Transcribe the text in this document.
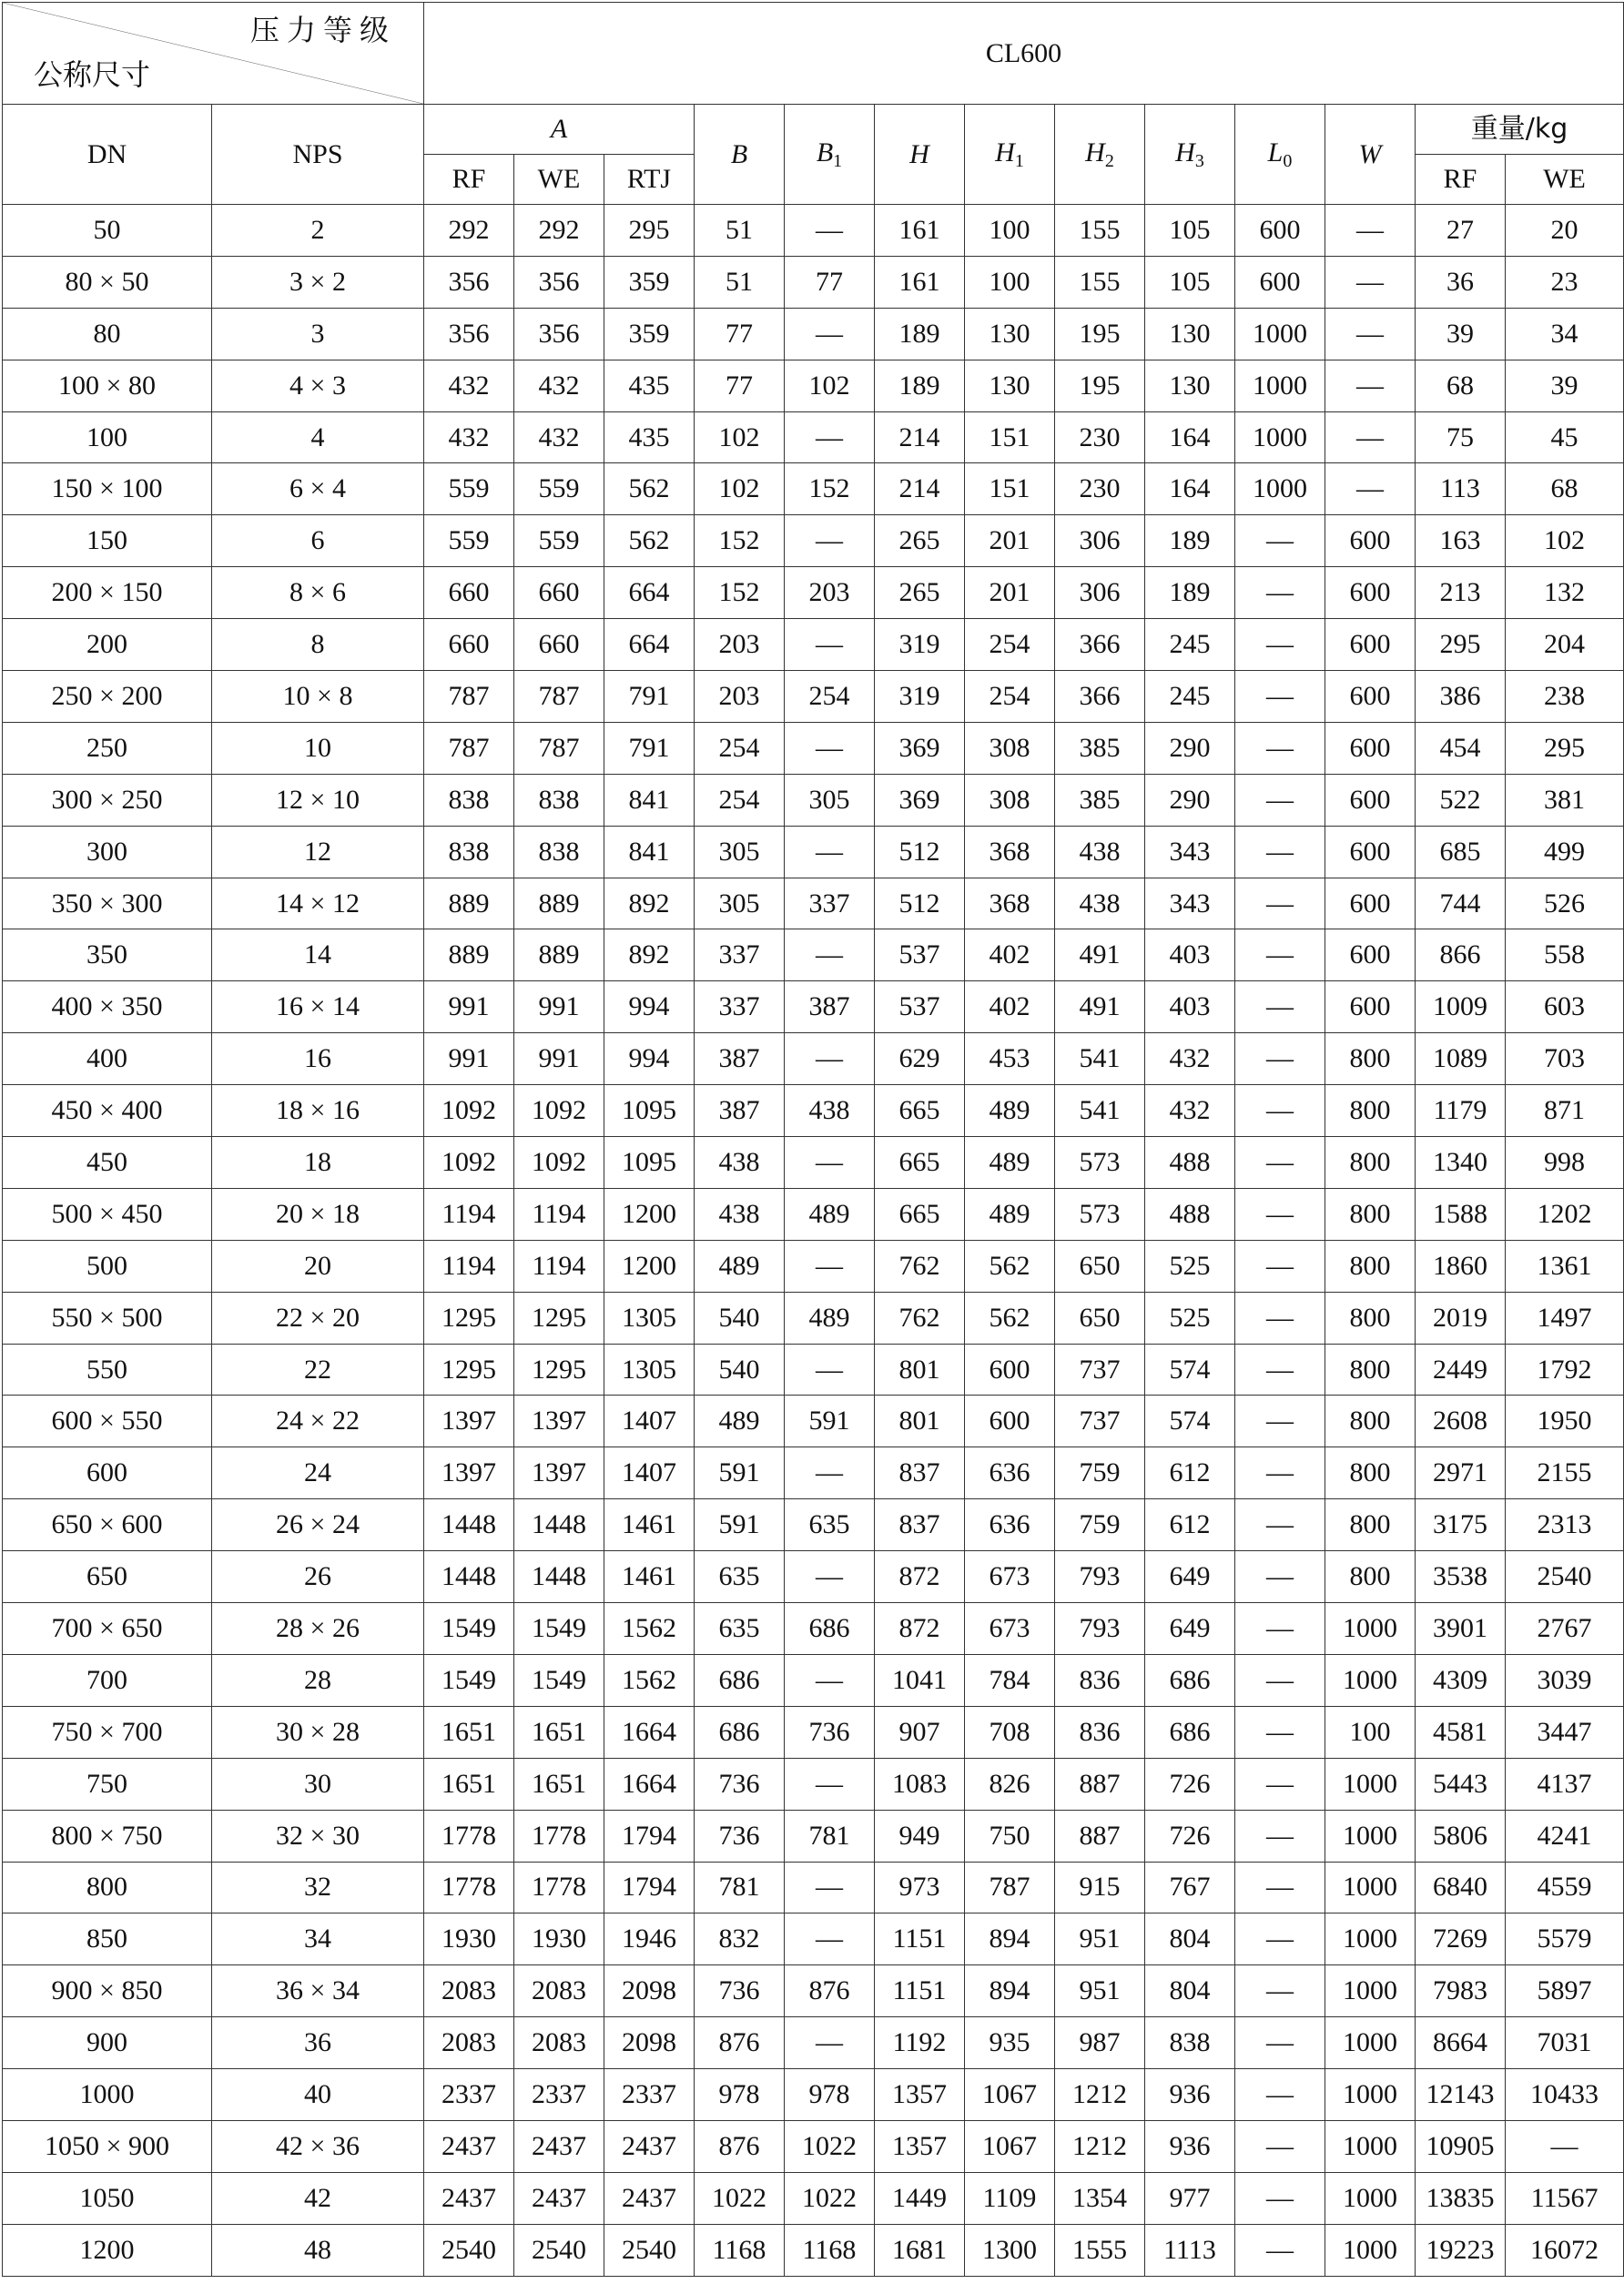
压力等级
公称尺寸		CL600												
DN	NPS	A			B	$B_1$	H	$H_1$	$H_2$	$H_3$	$L_0$	W	重量/kg	
		RF	WE	RTJ									RF	WE
50	2	292	292	295	51	—	161	100	155	105	600	—	27	20
80 × 50	3 × 2	356	356	359	51	77	161	100	155	105	600	—	36	23
80	3	356	356	359	77	—	189	130	195	130	1000	—	39	34
100 × 80	4 × 3	432	432	435	77	102	189	130	195	130	1000	—	68	39
100	4	432	432	435	102	—	214	151	230	164	1000	—	75	45
150 × 100	6 × 4	559	559	562	102	152	214	151	230	164	1000	—	113	68
150	6	559	559	562	152	—	265	201	306	189	—	600	163	102
200 × 150	8 × 6	660	660	664	152	203	265	201	306	189	—	600	213	132
200	8	660	660	664	203	—	319	254	366	245	—	600	295	204
250 × 200	10 × 8	787	787	791	203	254	319	254	366	245	—	600	386	238
250	10	787	787	791	254	—	369	308	385	290	—	600	454	295
300 × 250	12 × 10	838	838	841	254	305	369	308	385	290	—	600	522	381
300	12	838	838	841	305	—	512	368	438	343	—	600	685	499
350 × 300	14 × 12	889	889	892	305	337	512	368	438	343	—	600	744	526
350	14	889	889	892	337	—	537	402	491	403	—	600	866	558
400 × 350	16 × 14	991	991	994	337	387	537	402	491	403	—	600	1009	603
400	16	991	991	994	387	—	629	453	541	432	—	800	1089	703
450 × 400	18 × 16	1092	1092	1095	387	438	665	489	541	432	—	800	1179	871
450	18	1092	1092	1095	438	—	665	489	573	488	—	800	1340	998
500 × 450	20 × 18	1194	1194	1200	438	489	665	489	573	488	—	800	1588	1202
500	20	1194	1194	1200	489	—	762	562	650	525	—	800	1860	1361
550 × 500	22 × 20	1295	1295	1305	540	489	762	562	650	525	—	800	2019	1497
550	22	1295	1295	1305	540	—	801	600	737	574	—	800	2449	1792
600 × 550	24 × 22	1397	1397	1407	489	591	801	600	737	574	—	800	2608	1950
600	24	1397	1397	1407	591	—	837	636	759	612	—	800	2971	2155
650 × 600	26 × 24	1448	1448	1461	591	635	837	636	759	612	—	800	3175	2313
650	26	1448	1448	1461	635	—	872	673	793	649	—	800	3538	2540
700 × 650	28 × 26	1549	1549	1562	635	686	872	673	793	649	—	1000	3901	2767
700	28	1549	1549	1562	686	—	1041	784	836	686	—	1000	4309	3039
750 × 700	30 × 28	1651	1651	1664	686	736	907	708	836	686	—	100	4581	3447
750	30	1651	1651	1664	736	—	1083	826	887	726	—	1000	5443	4137
800 × 750	32 × 30	1778	1778	1794	736	781	949	750	887	726	—	1000	5806	4241
800	32	1778	1778	1794	781	—	973	787	915	767	—	1000	6840	4559
850	34	1930	1930	1946	832	—	1151	894	951	804	—	1000	7269	5579
900 × 850	36 × 34	2083	2083	2098	736	876	1151	894	951	804	—	1000	7983	5897
900	36	2083	2083	2098	876	—	1192	935	987	838	—	1000	8664	7031
1000	40	2337	2337	2337	978	978	1357	1067	1212	936	—	1000	12143	10433
1050 × 900	42 × 36	2437	2437	2437	876	1022	1357	1067	1212	936	—	1000	10905	—
1050	42	2437	2437	2437	1022	1022	1449	1109	1354	977	—	1000	13835	11567
1200	48	2540	2540	2540	1168	1168	1681	1300	1555	1113	—	1000	19223	16072
